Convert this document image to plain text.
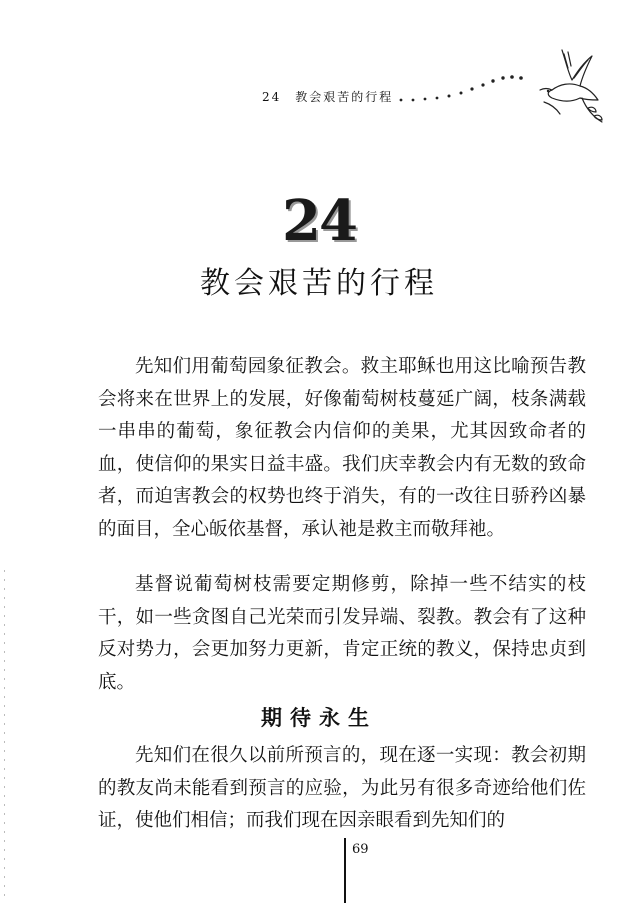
24 教会艰苦的行程
24
教会艰苦的行程

先知们用葡萄园象征教会。救主耶稣也用这比喻预告教会将来在世界上的发展，好像葡萄树枝蔓延广阔，枝条满载一串串的葡萄，象征教会内信仰的美果，尤其因致命者的血，使信仰的果实日益丰盛。我们庆幸教会内有无数的致命者，而迫害教会的权势也终于消失，有的一改往日骄矜凶暴的面目，全心皈依基督，承认祂是救主而敬拜祂。

基督说葡萄树枝需要定期修剪，除掉一些不结实的枝干，如一些贪图自己光荣而引发异端、裂教。教会有了这种反对势力，会更加努力更新，肯定正统的教义，保持忠贞到底。

期待永生

先知们在很久以前所预言的，现在逐一实现：教会初期的教友尚未能看到预言的应验，为此另有很多奇迹给他们佐证，使他们相信；而我们现在因亲眼看到先知们的

69
